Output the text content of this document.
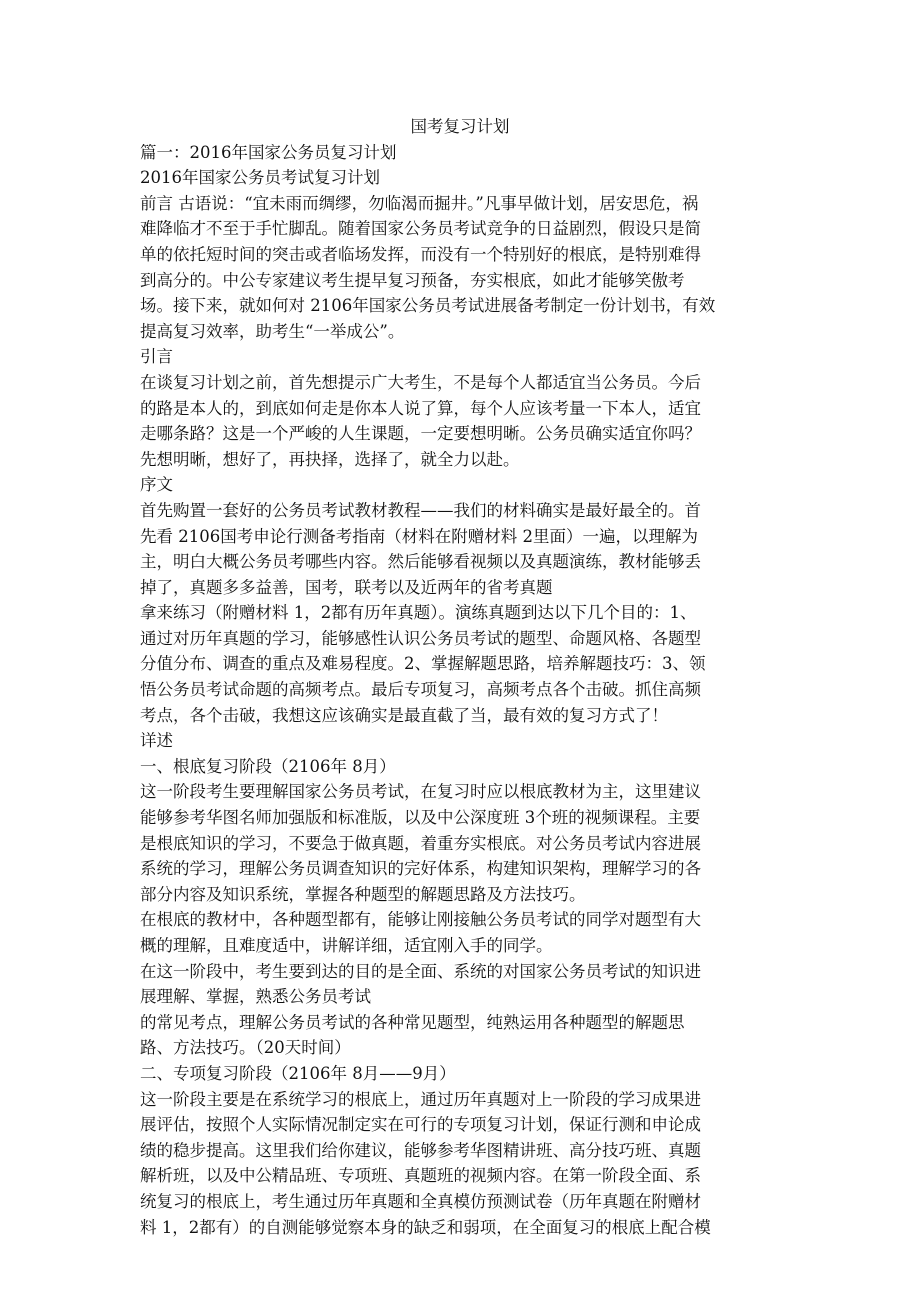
国考复习计划
篇一：2016年国家公务员复习计划
2016年国家公务员考试复习计划
前言 古语说：“宜未雨而绸缪，勿临渴而掘井。”凡事早做计划，居安思危，祸
难降临才不至于手忙脚乱。随着国家公务员考试竞争的日益剧烈，假设只是简
单的依托短时间的突击或者临场发挥，而没有一个特别好的根底，是特别难得
到高分的。中公专家建议考生提早复习预备，夯实根底，如此才能够笑傲考
场。接下来，就如何对 2106年国家公务员考试进展备考制定一份计划书，有效
提高复习效率，助考生“一举成公”。
引言
在谈复习计划之前，首先想提示广大考生，不是每个人都适宜当公务员。今后
的路是本人的，到底如何走是你本人说了算，每个人应该考量一下本人，适宜
走哪条路？这是一个严峻的人生课题，一定要想明晰。公务员确实适宜你吗？
先想明晰，想好了，再抉择，选择了，就全力以赴。
序文
首先购置一套好的公务员考试教材教程——我们的材料确实是最好最全的。首
先看 2106国考申论行测备考指南（材料在附赠材料 2里面）一遍，以理解为
主，明白大概公务员考哪些内容。然后能够看视频以及真题演练，教材能够丢
掉了，真题多多益善，国考，联考以及近两年的省考真题
拿来练习（附赠材料 1，2都有历年真题）。演练真题到达以下几个目的：1、
通过对历年真题的学习，能够感性认识公务员考试的题型、命题风格、各题型
分值分布、调查的重点及难易程度。2、掌握解题思路，培养解题技巧：3、领
悟公务员考试命题的高频考点。最后专项复习，高频考点各个击破。抓住高频
考点，各个击破，我想这应该确实是最直截了当，最有效的复习方式了！
详述
一、根底复习阶段（2106年 8月）
这一阶段考生要理解国家公务员考试，在复习时应以根底教材为主，这里建议
能够参考华图名师加强版和标准版，以及中公深度班 3个班的视频课程。主要
是根底知识的学习，不要急于做真题，着重夯实根底。对公务员考试内容进展
系统的学习，理解公务员调查知识的完好体系，构建知识架构，理解学习的各
部分内容及知识系统，掌握各种题型的解题思路及方法技巧。
在根底的教材中，各种题型都有，能够让刚接触公务员考试的同学对题型有大
概的理解，且难度适中，讲解详细，适宜刚入手的同学。
在这一阶段中，考生要到达的目的是全面、系统的对国家公务员考试的知识进
展理解、掌握，熟悉公务员考试
的常见考点，理解公务员考试的各种常见题型，纯熟运用各种题型的解题思
路、方法技巧。（20天时间）
二、专项复习阶段（2106年 8月——9月）
这一阶段主要是在系统学习的根底上，通过历年真题对上一阶段的学习成果进
展评估，按照个人实际情况制定实在可行的专项复习计划，保证行测和申论成
绩的稳步提高。这里我们给你建议，能够参考华图精讲班、高分技巧班、真题
解析班，以及中公精品班、专项班、真题班的视频内容。在第一阶段全面、系
统复习的根底上，考生通过历年真题和全真模仿预测试卷（历年真题在附赠材
料 1，2都有）的自测能够觉察本身的缺乏和弱项，在全面复习的根底上配合模
